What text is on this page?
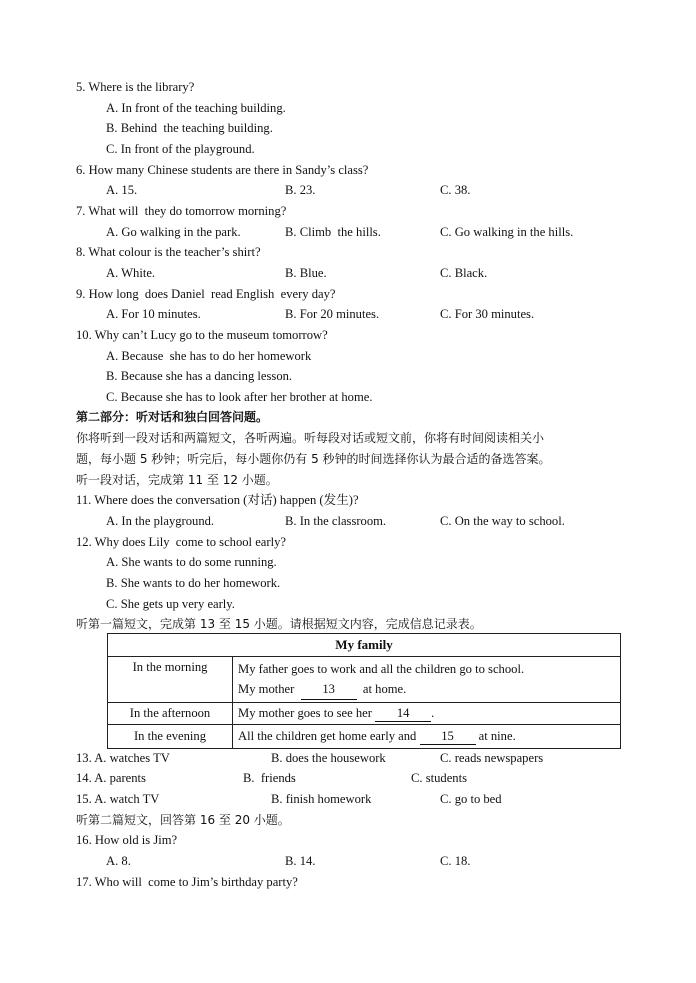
5. Where is the library?
A. In front of the teaching building.
B. Behind  the teaching building.
C. In front of the playground.
6. How many Chinese students are there in Sandy’s class?
A. 15.	B. 23.	C. 38.
7. What will  they do tomorrow morning?
A. Go walking in the park.	B. Climb  the hills.	C. Go walking in the hills.
8. What colour is the teacher’s shirt?
A. White.	B. Blue.	C. Black.
9. How long  does Daniel  read English  every day?
A. For 10 minutes.	B. For 20 minutes.	C. For 30 minutes.
10. Why can’t Lucy go to the museum tomorrow?
A. Because  she has to do her homework
B. Because she has a dancing lesson.
C. Because she has to look after her brother at home.
第二部分：听对话和独白回答问题。
你将听到一段对话和两篇短文，各听两遍。听每段对话或短文前，你将有时间阅读相关小
题，每小题 5 秒钟；听完后，每小题你仍有 5 秒钟的时间选择你认为最合适的备选答案。
听一段对话，完成第 11 至 12 小题。
11. Where does the conversation (对话) happen (发生)?
A. In the playground.	B. In the classroom.	C. On the way to school.
12. Why does Lily  come to school early?
A. She wants to do some running.
B. She wants to do her homework.
C. She gets up very early.
听第一篇短文，完成第 13 至 15 小题。请根据短文内容，完成信息记录表。
My family	
In the morning	My father goes to work and all the children go to school.
My mother  13  at home.

In the afternoon	My mother goes to see her 14 .
In the evening	All the children get home early and 15 at nine.
13. A. watches TV	B. does the housework	C. reads newspapers
14. A. parents	B.  friends	C. students
15. A. watch TV	B. finish homework	C. go to bed
听第二篇短文，回答第 16 至 20 小题。
16. How old is Jim?
A. 8.	B. 14.	C. 18.
17. Who will  come to Jim’s birthday party?
